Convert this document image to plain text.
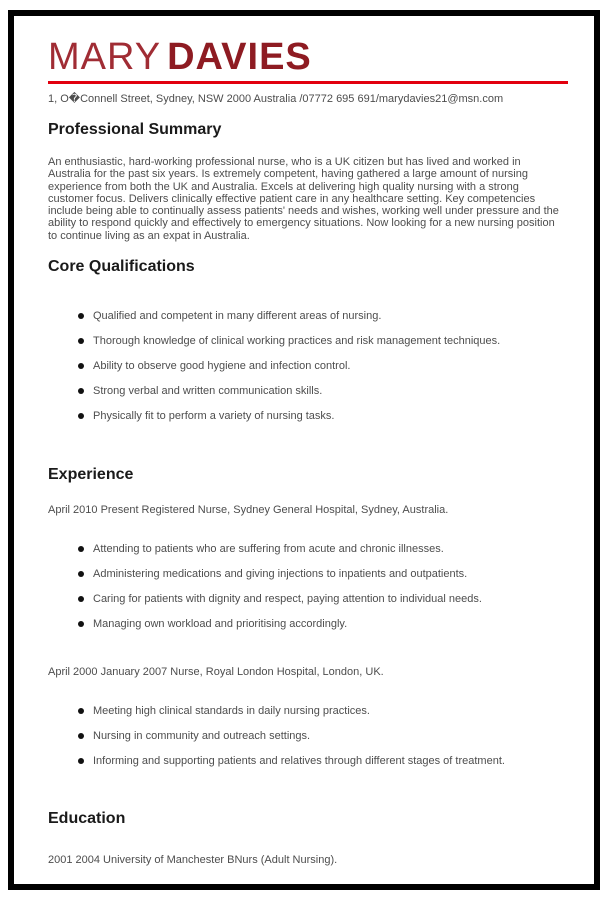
MARY DAVIES
1, O�Connell Street, Sydney, NSW 2000 Australia /07772 695 691/marydavies21@msn.com
Professional Summary

An enthusiastic, hard-working professional nurse, who is a UK citizen but has lived and worked in Australia for the past six years. Is extremely competent, having gathered a large amount of nursing experience from both the UK and Australia. Excels at delivering high quality nursing with a strong customer focus. Delivers clinically effective patient care in any healthcare setting. Key competencies include being able to continually assess patients' needs and wishes, working well under pressure and the ability to respond quickly and effectively to emergency situations. Now looking for a new nursing position to continue living as an expat in Australia.

Core Qualifications
Qualified and competent in many different areas of nursing.
Thorough knowledge of clinical working practices and risk management techniques.
Ability to observe good hygiene and infection control.
Strong verbal and written communication skills.
Physically fit to perform a variety of nursing tasks.
Experience
April 2010 Present Registered Nurse, Sydney General Hospital, Sydney, Australia.
Attending to patients who are suffering from acute and chronic illnesses.
Administering medications and giving injections to inpatients and outpatients.
Caring for patients with dignity and respect, paying attention to individual needs.
Managing own workload and prioritising accordingly.
April 2000 January 2007 Nurse, Royal London Hospital, London, UK.
Meeting high clinical standards in daily nursing practices.
Nursing in community and outreach settings.
Informing and supporting patients and relatives through different stages of treatment.
Education
2001 2004 University of Manchester BNurs (Adult Nursing).
